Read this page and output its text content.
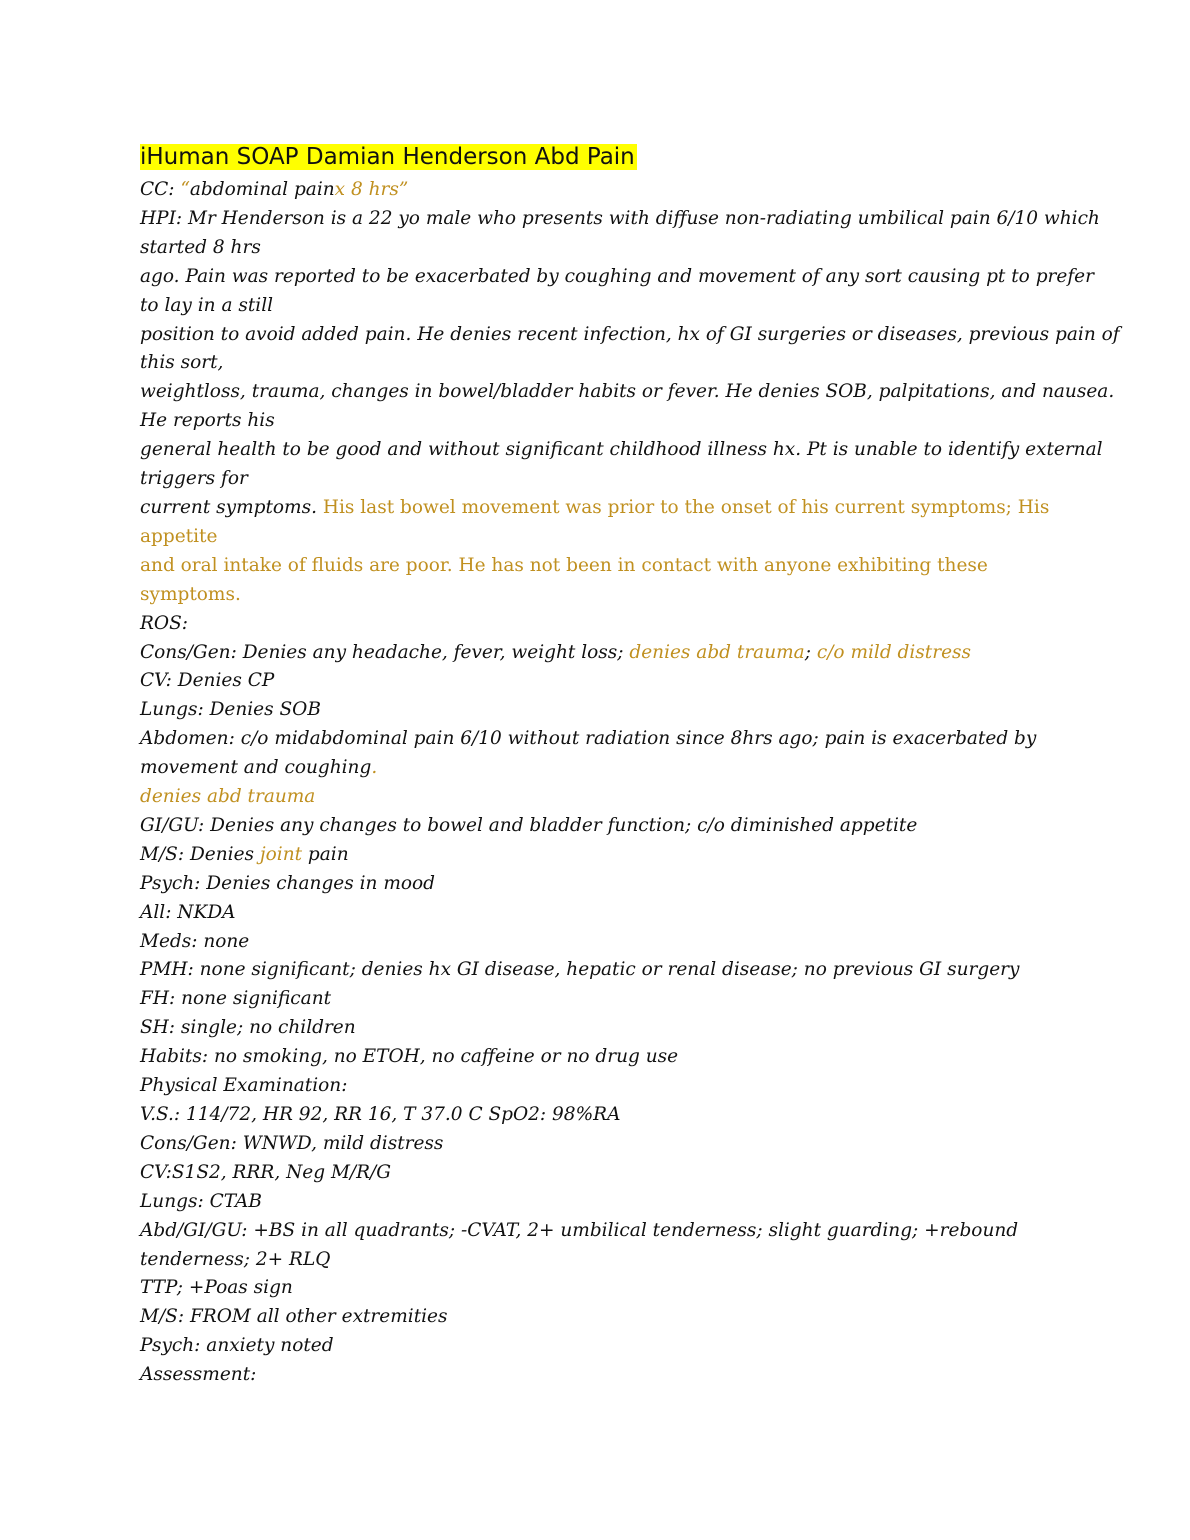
iHuman SOAP Damian Henderson Abd Pain

CC: “abdominal painx 8 hrs”

HPI: Mr Henderson is a 22 yo male who presents with diffuse non-radiating umbilical pain 6/10 which

started 8 hrs

ago. Pain was reported to be exacerbated by coughing and movement of any sort causing pt to prefer

to lay in a still

position to avoid added pain. He denies recent infection, hx of GI surgeries or diseases, previous pain of

this sort,

weightloss, trauma, changes in bowel/bladder habits or fever. He denies SOB, palpitations, and nausea.

He reports his

general health to be good and without significant childhood illness hx. Pt is unable to identify external

triggers for

current symptoms. His last bowel movement was prior to the onset of his current symptoms; His

appetite

and oral intake of fluids are poor. He has not been in contact with anyone exhibiting these

symptoms.

ROS:

Cons/Gen: Denies any headache, fever, weight loss; denies abd trauma; c/o mild distress

CV: Denies CP

Lungs: Denies SOB

Abdomen: c/o midabdominal pain 6/10 without radiation since 8hrs ago; pain is exacerbated by

movement and coughing.

denies abd trauma

GI/GU: Denies any changes to bowel and bladder function; c/o diminished appetite

M/S: Denies joint pain

Psych: Denies changes in mood

All: NKDA

Meds: none

PMH: none significant; denies hx GI disease, hepatic or renal disease; no previous GI surgery

FH: none significant

SH: single; no children

Habits: no smoking, no ETOH, no caffeine or no drug use

Physical Examination:

V.S.: 114/72, HR 92, RR 16, T 37.0 C SpO2: 98%RA

Cons/Gen: WNWD, mild distress

CV:S1S2, RRR, Neg M/R/G

Lungs: CTAB

Abd/GI/GU: +BS in all quadrants; -CVAT, 2+ umbilical tenderness; slight guarding; +rebound

tenderness; 2+ RLQ

TTP; +Poas sign

M/S: FROM all other extremities

Psych: anxiety noted

Assessment:
